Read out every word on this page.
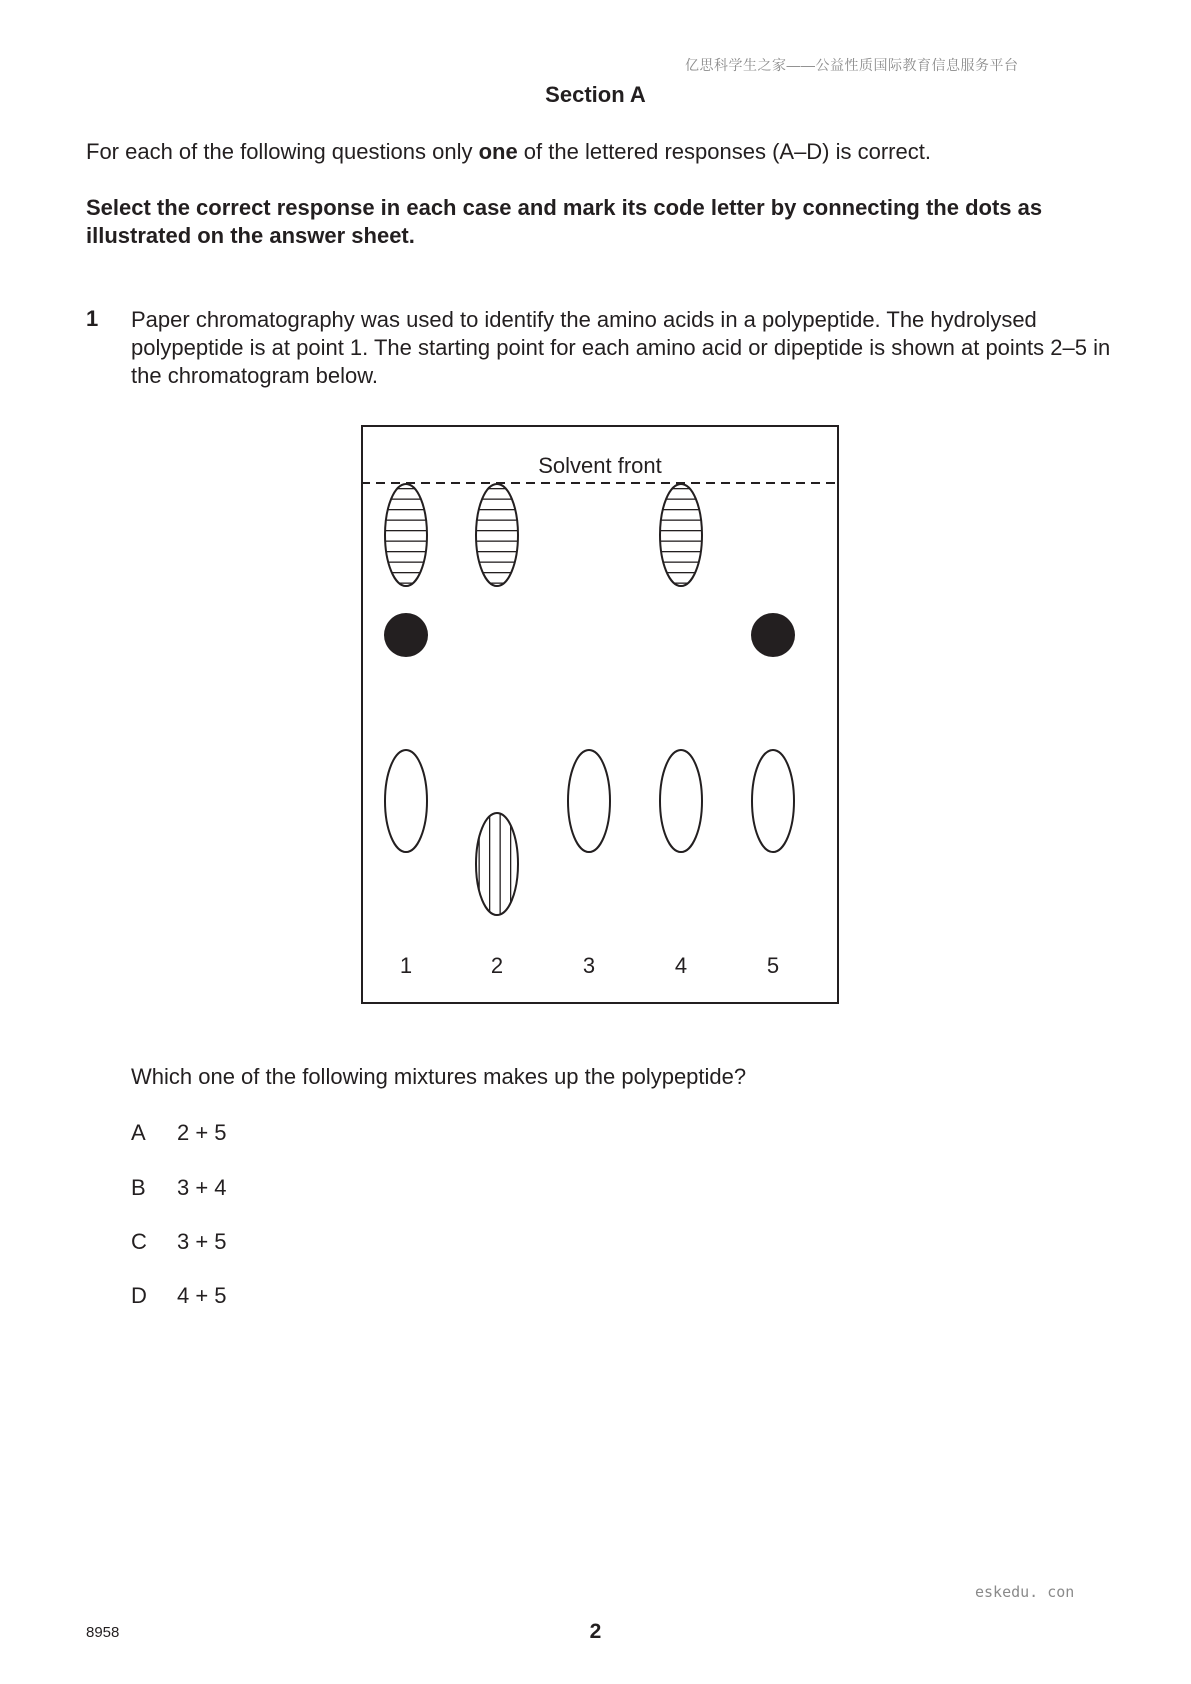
亿思科学生之家——公益性质国际教育信息服务平台
Section A
For each of the following questions only one of the lettered responses (A–D) is correct.
Select the correct response in each case and mark its code letter by connecting the dots as illustrated on the answer sheet.
1 Paper chromatography was used to identify the amino acids in a polypeptide. The hydrolysed polypeptide is at point 1. The starting point for each amino acid or dipeptide is shown at points 2–5 in the chromatogram below.
Solvent front
1	2	3	4	5
Which one of the following mixtures makes up the polypeptide?
A	2 + 5
B	3 + 4
C	3 + 5
D	4 + 5
eskedu. con
8958	2
